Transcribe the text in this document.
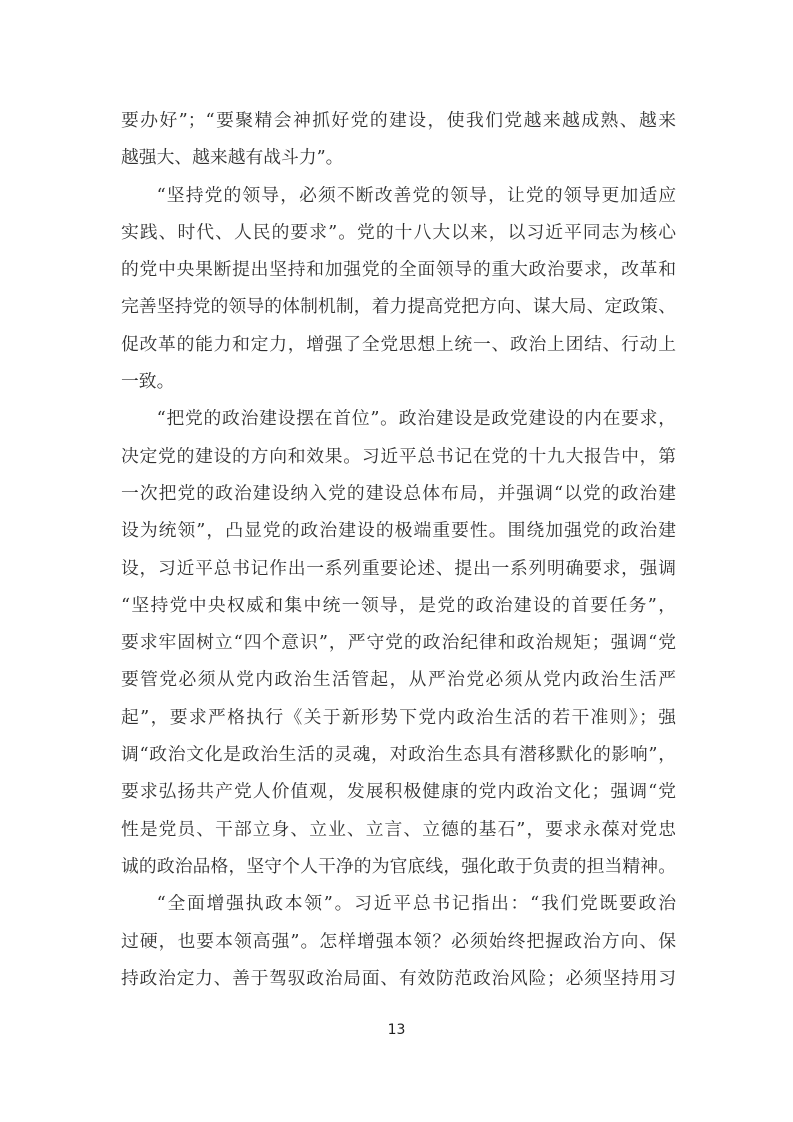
要办好”；“要聚精会神抓好党的建设，使我们党越来越成熟、越来
越强大、越来越有战斗力”。
“坚持党的领导，必须不断改善党的领导，让党的领导更加适应
实践、时代、人民的要求”。党的十八大以来，以习近平同志为核心
的党中央果断提出坚持和加强党的全面领导的重大政治要求，改革和
完善坚持党的领导的体制机制，着力提高党把方向、谋大局、定政策、
促改革的能力和定力，增强了全党思想上统一、政治上团结、行动上
一致。
“把党的政治建设摆在首位”。政治建设是政党建设的内在要求，
决定党的建设的方向和效果。习近平总书记在党的十九大报告中，第
一次把党的政治建设纳入党的建设总体布局，并强调“以党的政治建
设为统领”，凸显党的政治建设的极端重要性。围绕加强党的政治建
设，习近平总书记作出一系列重要论述、提出一系列明确要求，强调
“坚持党中央权威和集中统一领导，是党的政治建设的首要任务”，
要求牢固树立“四个意识”，严守党的政治纪律和政治规矩；强调“党
要管党必须从党内政治生活管起，从严治党必须从党内政治生活严
起”，要求严格执行《关于新形势下党内政治生活的若干准则》；强
调“政治文化是政治生活的灵魂，对政治生态具有潜移默化的影响”，
要求弘扬共产党人价值观，发展积极健康的党内政治文化；强调“党
性是党员、干部立身、立业、立言、立德的基石”，要求永葆对党忠
诚的政治品格，坚守个人干净的为官底线，强化敢于负责的担当精神。
“全面增强执政本领”。习近平总书记指出：“我们党既要政治
过硬，也要本领高强”。怎样增强本领？必须始终把握政治方向、保
持政治定力、善于驾驭政治局面、有效防范政治风险；必须坚持用习
13
